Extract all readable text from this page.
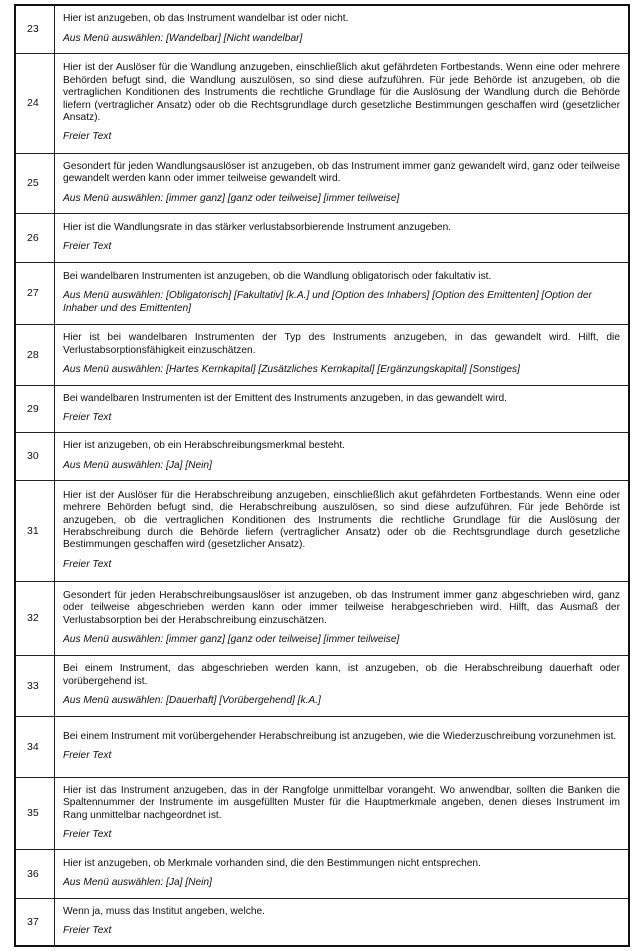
23	Hier ist anzugeben, ob das Instrument wandelbar ist oder nicht.
Aus Menü auswählen: [Wandelbar] [Nicht wandelbar]

24	Hier ist der Auslöser für die Wandlung anzugeben, einschließlich akut gefährdeten Fortbestands. Wenn eine oder mehrere Behörden befugt sind, die Wandlung auszulösen, so sind diese aufzuführen. Für jede Behörde ist anzugeben, ob die vertraglichen Konditionen des Instruments die rechtliche Grundlage für die Auslösung der Wandlung durch die Behörde liefern (vertraglicher Ansatz) oder ob die Rechtsgrundlage durch gesetzliche Bestimmungen geschaffen wird (gesetzlicher Ansatz).
Freier Text

25	Gesondert für jeden Wandlungsauslöser ist anzugeben, ob das Instrument immer ganz gewandelt wird, ganz oder teilweise gewandelt werden kann oder immer teilweise gewandelt wird.
Aus Menü auswählen: [immer ganz] [ganz oder teilweise] [immer teilweise]

26	Hier ist die Wandlungsrate in das stärker verlustabsorbierende Instrument anzugeben.
Freier Text

27	Bei wandelbaren Instrumenten ist anzugeben, ob die Wandlung obligatorisch oder fakultativ ist.
Aus Menü auswählen: [Obligatorisch] [Fakultativ] [k.A.] und [Option des Inhabers] [Option des Emittenten] [Option der Inhaber und des Emittenten]

28	Hier ist bei wandelbaren Instrumenten der Typ des Instruments anzugeben, in das gewandelt wird. Hilft, die Verlustabsorptionsfähigkeit einzuschätzen.
Aus Menü auswählen: [Hartes Kernkapital] [Zusätzliches Kernkapital] [Ergänzungskapital] [Sonstiges]

29	Bei wandelbaren Instrumenten ist der Emittent des Instruments anzugeben, in das gewandelt wird.
Freier Text

30	Hier ist anzugeben, ob ein Herabschreibungsmerkmal besteht.
Aus Menü auswählen: [Ja] [Nein]

31	Hier ist der Auslöser für die Herabschreibung anzugeben, einschließlich akut gefährdeten Fortbestands. Wenn eine oder mehrere Behörden befugt sind, die Herabschreibung auszulösen, so sind diese aufzuführen. Für jede Behörde ist anzugeben, ob die vertraglichen Konditionen des Instruments die rechtliche Grundlage für die Auslösung der Herabschreibung durch die Behörde liefern (vertraglicher Ansatz) oder ob die Rechtsgrundlage durch gesetzliche Bestimmungen geschaffen wird (gesetzlicher Ansatz).
Freier Text

32	Gesondert für jeden Herabschreibungsauslöser ist anzugeben, ob das Instrument immer ganz abgeschrieben wird, ganz oder teilweise abgeschrieben werden kann oder immer teilweise herabgeschrieben wird. Hilft, das Ausmaß der Verlustabsorption bei der Herabschreibung einzuschätzen.
Aus Menü auswählen: [immer ganz] [ganz oder teilweise] [immer teilweise]

33	Bei einem Instrument, das abgeschrieben werden kann, ist anzugeben, ob die Herabschreibung dauerhaft oder vorübergehend ist.
Aus Menü auswählen: [Dauerhaft] [Vorübergehend] [k.A.]

34	Bei einem Instrument mit vorübergehender Herabschreibung ist anzugeben, wie die Wiederzuschreibung vorzunehmen ist.
Freier Text

35	Hier ist das Instrument anzugeben, das in der Rangfolge unmittelbar vorangeht. Wo anwendbar, sollten die Banken die Spaltennummer der Instrumente im ausgefüllten Muster für die Hauptmerkmale angeben, denen dieses Instrument im Rang unmittelbar nachgeordnet ist.
Freier Text

36	Hier ist anzugeben, ob Merkmale vorhanden sind, die den Bestimmungen nicht entsprechen.
Aus Menü auswählen: [Ja] [Nein]

37	Wenn ja, muss das Institut angeben, welche.
Freier Text
